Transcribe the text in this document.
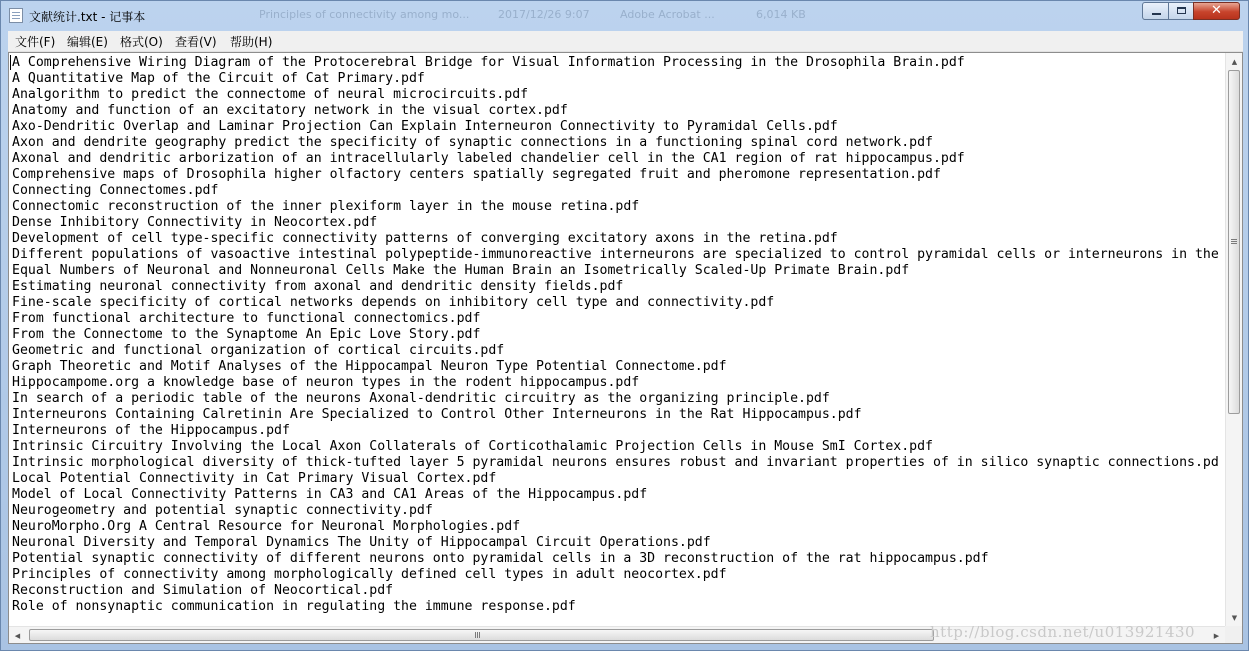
文献统计.txt - 记事本	Principles of connectivity among mo...	2017/12/26 9:07	Adobe Acrobat ...	6,014 KB	✕
文件(F) 编辑(E) 格式(O) 查看(V) 帮助(H)
A Comprehensive Wiring Diagram of the Protocerebral Bridge for Visual Information Processing in the Drosophila Brain.pdf
A Quantitative Map of the Circuit of Cat Primary.pdf
Analgorithm to predict the connectome of neural microcircuits.pdf
Anatomy and function of an excitatory network in the visual cortex.pdf
Axo-Dendritic Overlap and Laminar Projection Can Explain Interneuron Connectivity to Pyramidal Cells.pdf
Axon and dendrite geography predict the specificity of synaptic connections in a functioning spinal cord network.pdf
Axonal and dendritic arborization of an intracellularly labeled chandelier cell in the CA1 region of rat hippocampus.pdf
Comprehensive maps of Drosophila higher olfactory centers spatially segregated fruit and pheromone representation.pdf
Connecting Connectomes.pdf
Connectomic reconstruction of the inner plexiform layer in the mouse retina.pdf
Dense Inhibitory Connectivity in Neocortex.pdf
Development of cell type-specific connectivity patterns of converging excitatory axons in the retina.pdf
Different populations of vasoactive intestinal polypeptide-immunoreactive interneurons are specialized to control pyramidal cells or interneurons in the
Equal Numbers of Neuronal and Nonneuronal Cells Make the Human Brain an Isometrically Scaled-Up Primate Brain.pdf
Estimating neuronal connectivity from axonal and dendritic density fields.pdf
Fine-scale specificity of cortical networks depends on inhibitory cell type and connectivity.pdf
From functional architecture to functional connectomics.pdf
From the Connectome to the Synaptome An Epic Love Story.pdf
Geometric and functional organization of cortical circuits.pdf
Graph Theoretic and Motif Analyses of the Hippocampal Neuron Type Potential Connectome.pdf
Hippocampome.org a knowledge base of neuron types in the rodent hippocampus.pdf
In search of a periodic table of the neurons Axonal-dendritic circuitry as the organizing principle.pdf
Interneurons Containing Calretinin Are Specialized to Control Other Interneurons in the Rat Hippocampus.pdf
Interneurons of the Hippocampus.pdf
Intrinsic Circuitry Involving the Local Axon Collaterals of Corticothalamic Projection Cells in Mouse SmI Cortex.pdf
Intrinsic morphological diversity of thick-tufted layer 5 pyramidal neurons ensures robust and invariant properties of in silico synaptic connections.pd
Local Potential Connectivity in Cat Primary Visual Cortex.pdf
Model of Local Connectivity Patterns in CA3 and CA1 Areas of the Hippocampus.pdf
Neurogeometry and potential synaptic connectivity.pdf
NeuroMorpho.Org A Central Resource for Neuronal Morphologies.pdf
Neuronal Diversity and Temporal Dynamics The Unity of Hippocampal Circuit Operations.pdf
Potential synaptic connectivity of different neurons onto pyramidal cells in a 3D reconstruction of the rat hippocampus.pdf
Principles of connectivity among morphologically defined cell types in adult neocortex.pdf
Reconstruction and Simulation of Neocortical.pdf
Role of nonsynaptic communication in regulating the immune response.pdf
▲
▼
◀	▶
http://blog.csdn.net/u013921430
